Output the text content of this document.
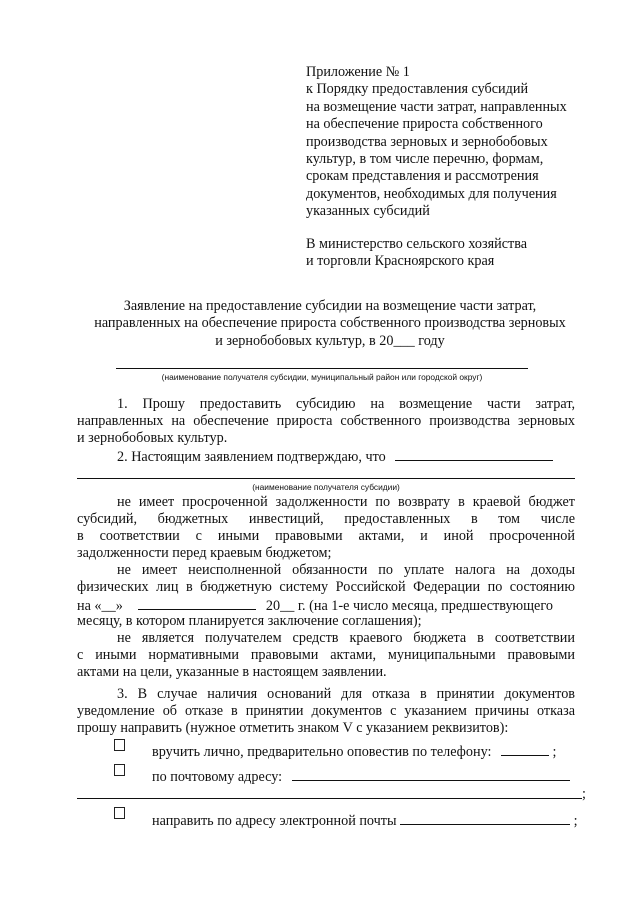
Приложение № 1
к Порядку предоставления субсидий
на возмещение части затрат, направленных
на обеспечение прироста собственного
производства зерновых и зернобобовых
культур, в том числе перечню, формам,
срокам представления и рассмотрения
документов, необходимых для получения
указанных субсидий
В министерство сельского хозяйства
и торговли Красноярского края
Заявление на предоставление субсидии на возмещение части затрат,
направленных на обеспечение прироста собственного производства зерновых
и зернобобовых культур, в 20___ году
(наименование получателя субсидии, муниципальный район или городской округ)
1. Прошу предоставить субсидию на возмещение части затрат,
направленных на обеспечение прироста собственного производства зерновых
и зернобобовых культур.
2. Настоящим заявлением подтверждаю, что
(наименование получателя субсидии)
не имеет просроченной задолженности по возврату в краевой бюджет
субсидий, бюджетных инвестиций, предоставленных в том числе
в соответствии с иными правовыми актами, и иной просроченной
задолженности перед краевым бюджетом;
не имеет неисполненной обязанности по уплате налога на доходы
физических лиц в бюджетную систему Российской Федерации по состоянию
на «__»	20__ г. (на 1-е число месяца, предшествующего
месяцу, в котором планируется заключение соглашения);
не является получателем средств краевого бюджета в соответствии
с иными нормативными правовыми актами, муниципальными правовыми
актами на цели, указанные в настоящем заявлении.
3. В случае наличия оснований для отказа в принятии документов
уведомление об отказе в принятии документов с указанием причины отказа
прошу направить (нужное отметить знаком V с указанием реквизитов):
вручить лично, предварительно оповестив по телефону:	;
по почтовому адресу:
;
направить по адресу электронной почты	;
